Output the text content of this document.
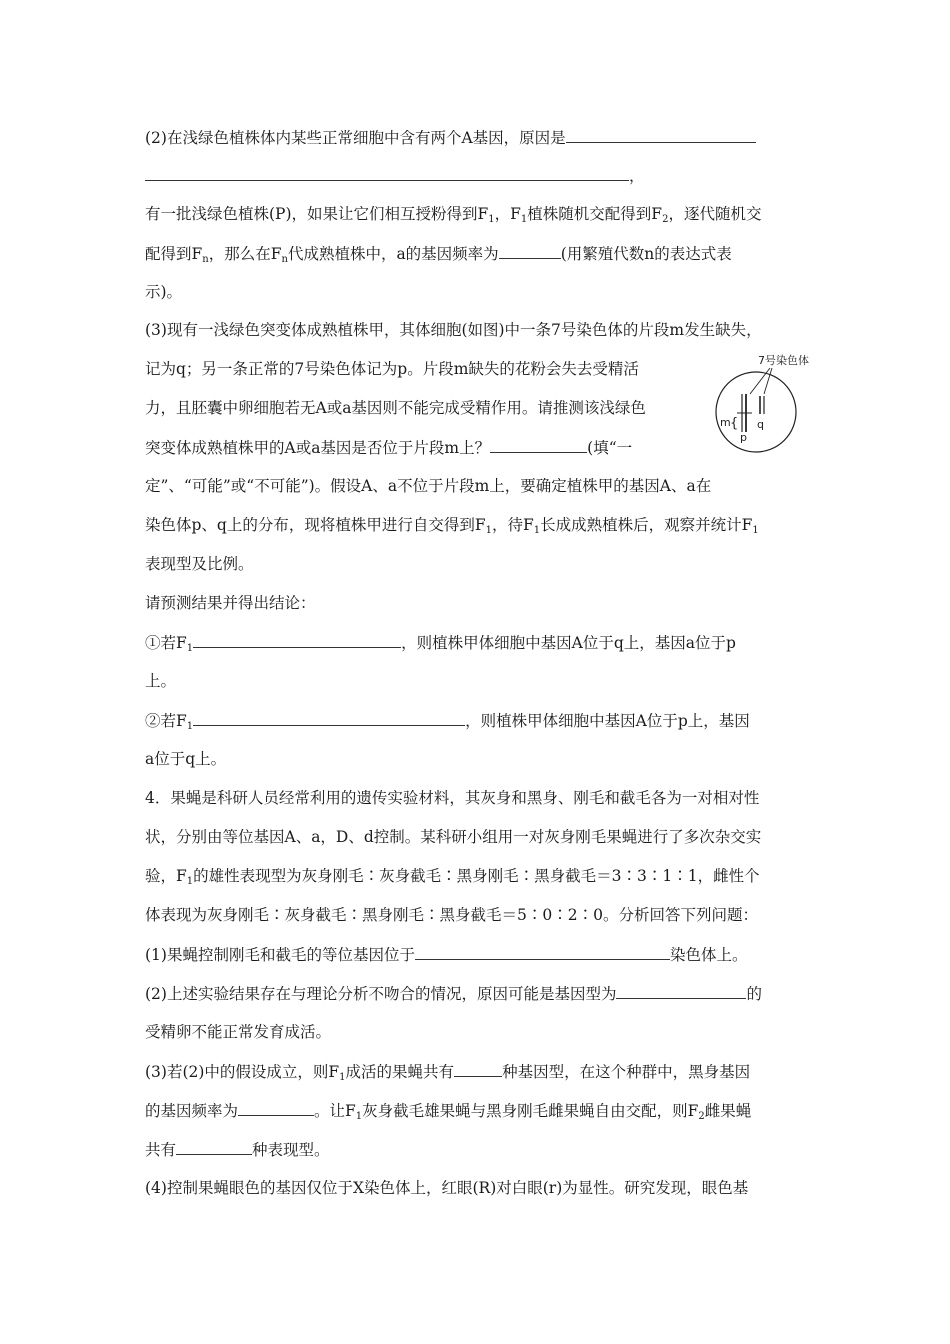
(2)在浅绿色植株体内某些正常细胞中含有两个A基因，原因是
，
有一批浅绿色植株(P)，如果让它们相互授粉得到$F_1$，$F_1$植株随机交配得到$F_2$，逐代随机交
配得到$F_n$，那么在$F_n$代成熟植株中，a的基因频率为	(用繁殖代数n的表达式表
示)。
(3)现有一浅绿色突变体成熟植株甲，其体细胞(如图)中一条7号染色体的片段m发生缺失，
记为q；另一条正常的7号染色体记为p。片段m缺失的花粉会失去受精活
力，且胚囊中卵细胞若无A或a基因则不能完成受精作用。请推测该浅绿色
突变体成熟植株甲的A或a基因是否位于片段m上？	(填“一
定”、“可能”或“不可能”)。假设A、a不位于片段m上，要确定植株甲的基因A、a在
染色体p、q上的分布，现将植株甲进行自交得到$F_1$，待$F_1$长成成熟植株后，观察并统计$F_1$
表现型及比例。
请预测结果并得出结论：
①若$F_1$	，则植株甲体细胞中基因A位于q上，基因a位于p
上。
②若$F_1$	，则植株甲体细胞中基因A位于p上，基因
a位于q上。
7号染色体
m {
p
q
4．果蝇是科研人员经常利用的遗传实验材料，其灰身和黑身、刚毛和截毛各为一对相对性
状，分别由等位基因A、a，D、d控制。某科研小组用一对灰身刚毛果蝇进行了多次杂交实
验，$F_1$的雄性表现型为灰身刚毛∶灰身截毛∶黑身刚毛∶黑身截毛＝3∶3∶1∶1，雌性个
体表现为灰身刚毛∶灰身截毛∶黑身刚毛∶黑身截毛＝5∶0∶2∶0。分析回答下列问题：
(1)果蝇控制刚毛和截毛的等位基因位于	染色体上。
(2)上述实验结果存在与理论分析不吻合的情况，原因可能是基因型为	的
受精卵不能正常发育成活。
(3)若(2)中的假设成立，则$F_1$成活的果蝇共有	种基因型，在这个种群中，黑身基因
的基因频率为	。让$F_1$灰身截毛雄果蝇与黑身刚毛雌果蝇自由交配，则$F_2$雌果蝇
共有	种表现型。
(4)控制果蝇眼色的基因仅位于X染色体上，红眼(R)对白眼(r)为显性。研究发现，眼色基
